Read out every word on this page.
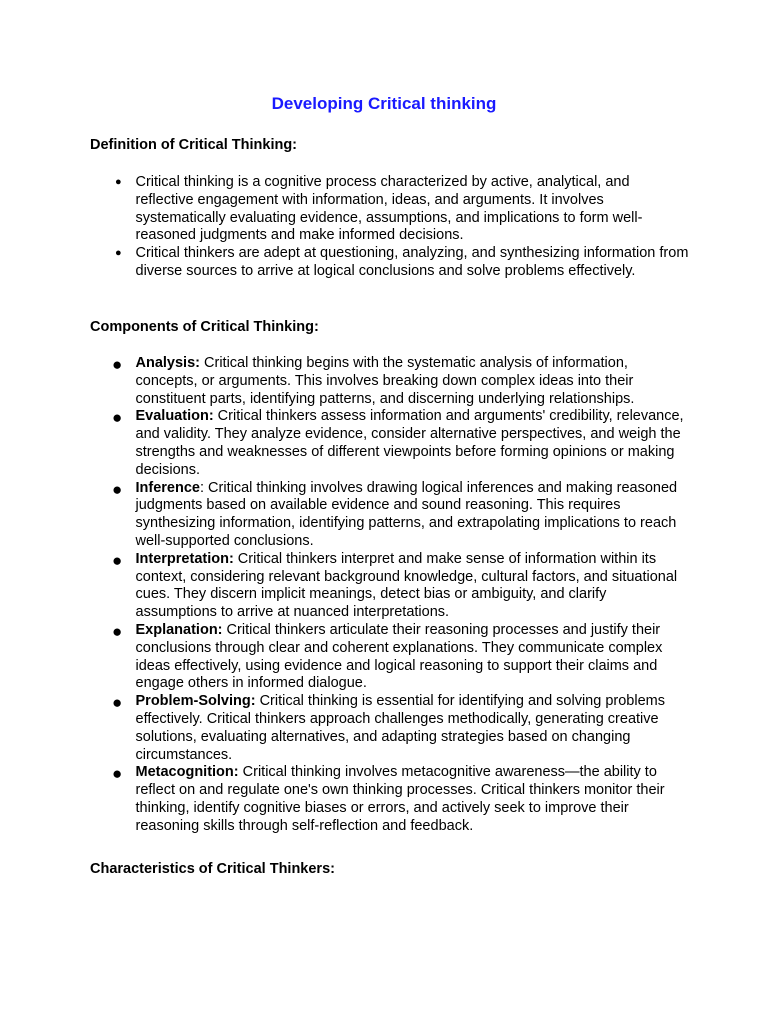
Developing Critical thinking
Definition of Critical Thinking:
● Critical thinking is a cognitive process characterized by active, analytical, and reflective engagement with information, ideas, and arguments. It involves systematically evaluating evidence, assumptions, and implications to form well-reasoned judgments and make informed decisions.
● Critical thinkers are adept at questioning, analyzing, and synthesizing information from diverse sources to arrive at logical conclusions and solve problems effectively.
Components of Critical Thinking:
● Analysis: Critical thinking begins with the systematic analysis of information, concepts, or arguments. This involves breaking down complex ideas into their constituent parts, identifying patterns, and discerning underlying relationships.
● Evaluation: Critical thinkers assess information and arguments' credibility, relevance, and validity. They analyze evidence, consider alternative perspectives, and weigh the strengths and weaknesses of different viewpoints before forming opinions or making decisions.
● Inference: Critical thinking involves drawing logical inferences and making reasoned judgments based on available evidence and sound reasoning. This requires synthesizing information, identifying patterns, and extrapolating implications to reach well-supported conclusions.
● Interpretation: Critical thinkers interpret and make sense of information within its context, considering relevant background knowledge, cultural factors, and situational cues. They discern implicit meanings, detect bias or ambiguity, and clarify assumptions to arrive at nuanced interpretations.
● Explanation: Critical thinkers articulate their reasoning processes and justify their conclusions through clear and coherent explanations. They communicate complex ideas effectively, using evidence and logical reasoning to support their claims and engage others in informed dialogue.
● Problem-Solving: Critical thinking is essential for identifying and solving problems effectively. Critical thinkers approach challenges methodically, generating creative solutions, evaluating alternatives, and adapting strategies based on changing circumstances.
● Metacognition: Critical thinking involves metacognitive awareness—the ability to reflect on and regulate one's own thinking processes. Critical thinkers monitor their thinking, identify cognitive biases or errors, and actively seek to improve their reasoning skills through self-reflection and feedback.
Characteristics of Critical Thinkers:
